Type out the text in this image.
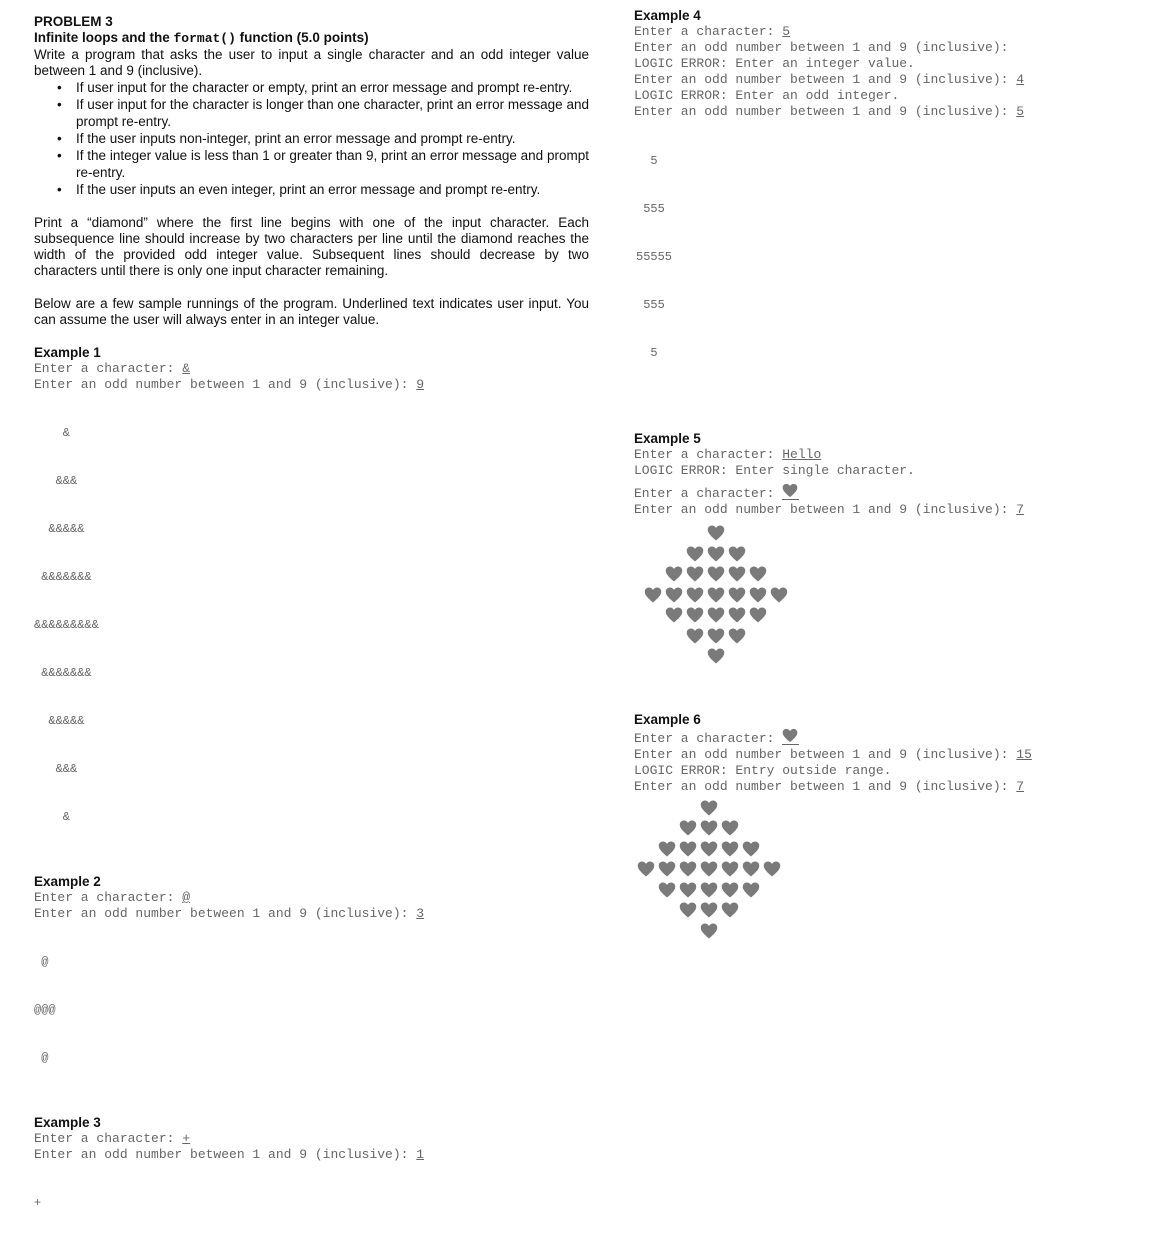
PROBLEM 3
Infinite loops and the format() function (5.0 points)
Write a program that asks the user to input a single character and an odd integer value between 1 and 9 (inclusive).
• If user input for the character or empty, print an error message and prompt re-entry.
• If user input for the character is longer than one character, print an error message and prompt re-entry.
• If the user inputs non-integer, print an error message and prompt re-entry.
• If the integer value is less than 1 or greater than 9, print an error message and prompt re-entry.
• If the user inputs an even integer, print an error message and prompt re-entry.
Print a “diamond” where the first line begins with one of the input character. Each subsequence line should increase by two characters per line until the diamond reaches the width of the provided odd integer value. Subsequent lines should decrease by two characters until there is only one input character remaining.
Below are a few sample runnings of the program. Underlined text indicates user input. You can assume the user will always enter in an integer value.
Example 1
Enter a character: &
Enter an odd number between 1 and 9 (inclusive): 9

&

&&&

&&&&&

&&&&&&&

&&&&&&&&&

&&&&&&&

&&&&&

&&&

&

Example 2
Enter a character: @
Enter an odd number between 1 and 9 (inclusive): 3

@

@@@

@

Example 3
Enter a character: +
Enter an odd number between 1 and 9 (inclusive): 1

+

Example 4
Enter a character: 5
Enter an odd number between 1 and 9 (inclusive):
LOGIC ERROR: Enter an integer value.
Enter an odd number between 1 and 9 (inclusive): 4
LOGIC ERROR: Enter an odd integer.
Enter an odd number between 1 and 9 (inclusive): 5

5

555

55555

555

5

Example 5
Enter a character: Hello
LOGIC ERROR: Enter single character.
Enter a character:
Enter an odd number between 1 and 9 (inclusive): 7
Example 6
Enter a character:
Enter an odd number between 1 and 9 (inclusive): 15
LOGIC ERROR: Entry outside range.
Enter an odd number between 1 and 9 (inclusive): 7
